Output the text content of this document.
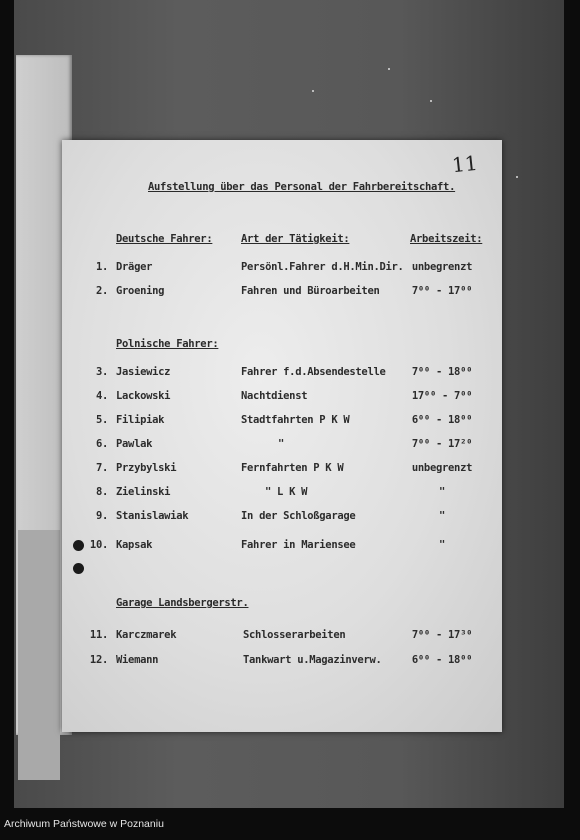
11
Aufstellung über das Personal der Fahrbereitschaft.
Deutsche Fahrer:	Art der Tätigkeit:	Arbeitszeit:
1. Dräger	Persönl.Fahrer d.H.Min.Dir. unbegrenzt
2. Groening	Fahren und Büroarbeiten	7⁰⁰ - 17⁰⁰
Polnische Fahrer:
3. Jasiewicz	Fahrer f.d.Absendestelle	7⁰⁰ - 18⁰⁰
4. Lackowski	Nachtdienst	17⁰⁰ - 7⁰⁰
5. Filipiak	Stadtfahrten P K W	6⁰⁰ - 18⁰⁰
6. Pawlak	"	7⁰⁰ - 17²⁰
7. Przybylski	Fernfahrten P K W	unbegrenzt
8. Zielinski	" L K W	"
9. Stanislawiak	In der Schloßgarage	"
10. Kapsak	Fahrer in Mariensee	"
Garage Landsbergerstr.
11. Karczmarek	Schlosserarbeiten	7⁰⁰ - 17³⁰
12. Wiemann	Tankwart u.Magazinverw.	6⁰⁰ - 18⁰⁰
Archiwum Państwowe w Poznaniu
